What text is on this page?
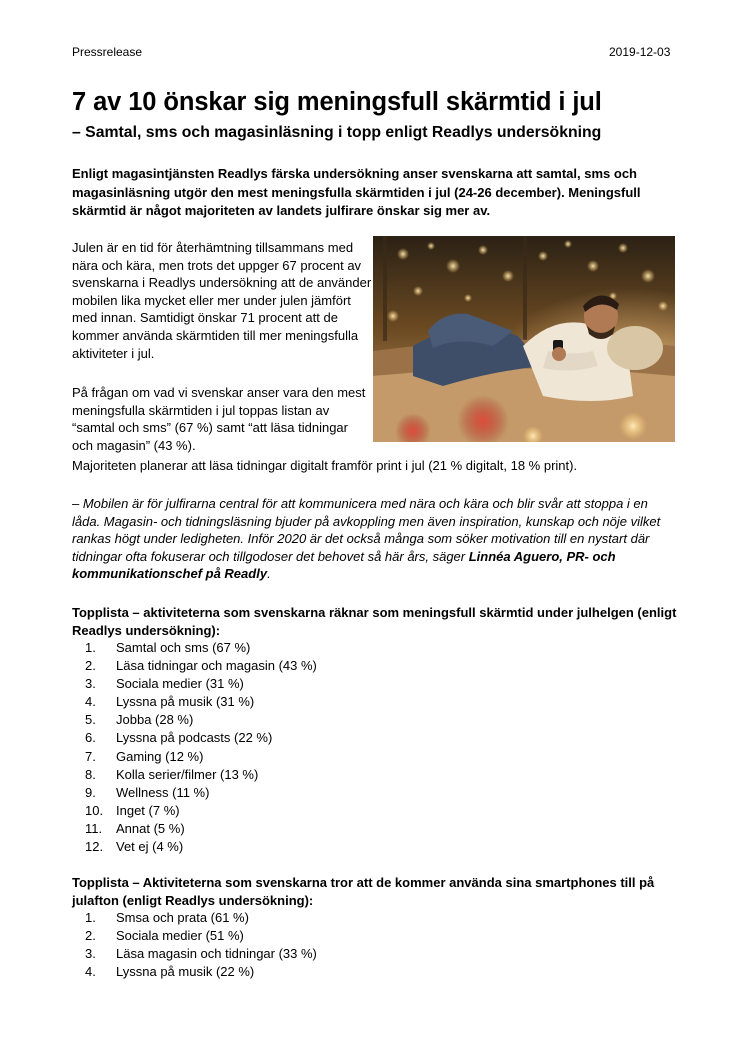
Pressrelease	2019-12-03
7 av 10 önskar sig meningsfull skärmtid i jul
– Samtal, sms och magasinläsning i topp enligt Readlys undersökning

Enligt magasintjänsten Readlys färska undersökning anser svenskarna att samtal, sms och magasinläsning utgör den mest meningsfulla skärmtiden i jul (24-26 december). Meningsfull skärmtid är något majoriteten av landets julfirare önskar sig mer av.

Julen är en tid för återhämtning tillsammans med nära och kära, men trots det uppger 67 procent av svenskarna i Readlys undersökning att de använder mobilen lika mycket eller mer under julen jämfört med innan. Samtidigt önskar 71 procent att de kommer använda skärmtiden till mer meningsfulla aktiviteter i jul.

På frågan om vad vi svenskar anser vara den mest meningsfulla skärmtiden i jul toppas listan av “samtal och sms” (67 %) samt “att läsa tidningar och magasin” (43 %).

Majoriteten planerar att läsa tidningar digitalt framför print i jul (21 % digitalt, 18 % print).

– Mobilen är för julfirarna central för att kommunicera med nära och kära och blir svår att stoppa i en låda. Magasin- och tidningsläsning bjuder på avkoppling men även inspiration, kunskap och nöje vilket rankas högt under ledigheten. Inför 2020 är det också många som söker motivation till en nystart där tidningar ofta fokuserar och tillgodoser det behovet så här års, säger Linnéa Aguero, PR- och kommunikationschef på Readly.

Topplista – aktiviteterna som svenskarna räknar som meningsfull skärmtid under julhelgen (enligt Readlys undersökning):

1. Samtal och sms (67 %)
2. Läsa tidningar och magasin (43 %)
3. Sociala medier (31 %)
4. Lyssna på musik (31 %)
5. Jobba (28 %)
6. Lyssna på podcasts (22 %)
7. Gaming (12 %)
8. Kolla serier/filmer (13 %)
9. Wellness (11 %)
10. Inget (7 %)
11. Annat (5 %)
12. Vet ej (4 %)

Topplista – Aktiviteterna som svenskarna tror att de kommer använda sina smartphones till på julafton (enligt Readlys undersökning):

1. Smsa och prata (61 %)
2. Sociala medier (51 %)
3. Läsa magasin och tidningar (33 %)
4. Lyssna på musik (22 %)
